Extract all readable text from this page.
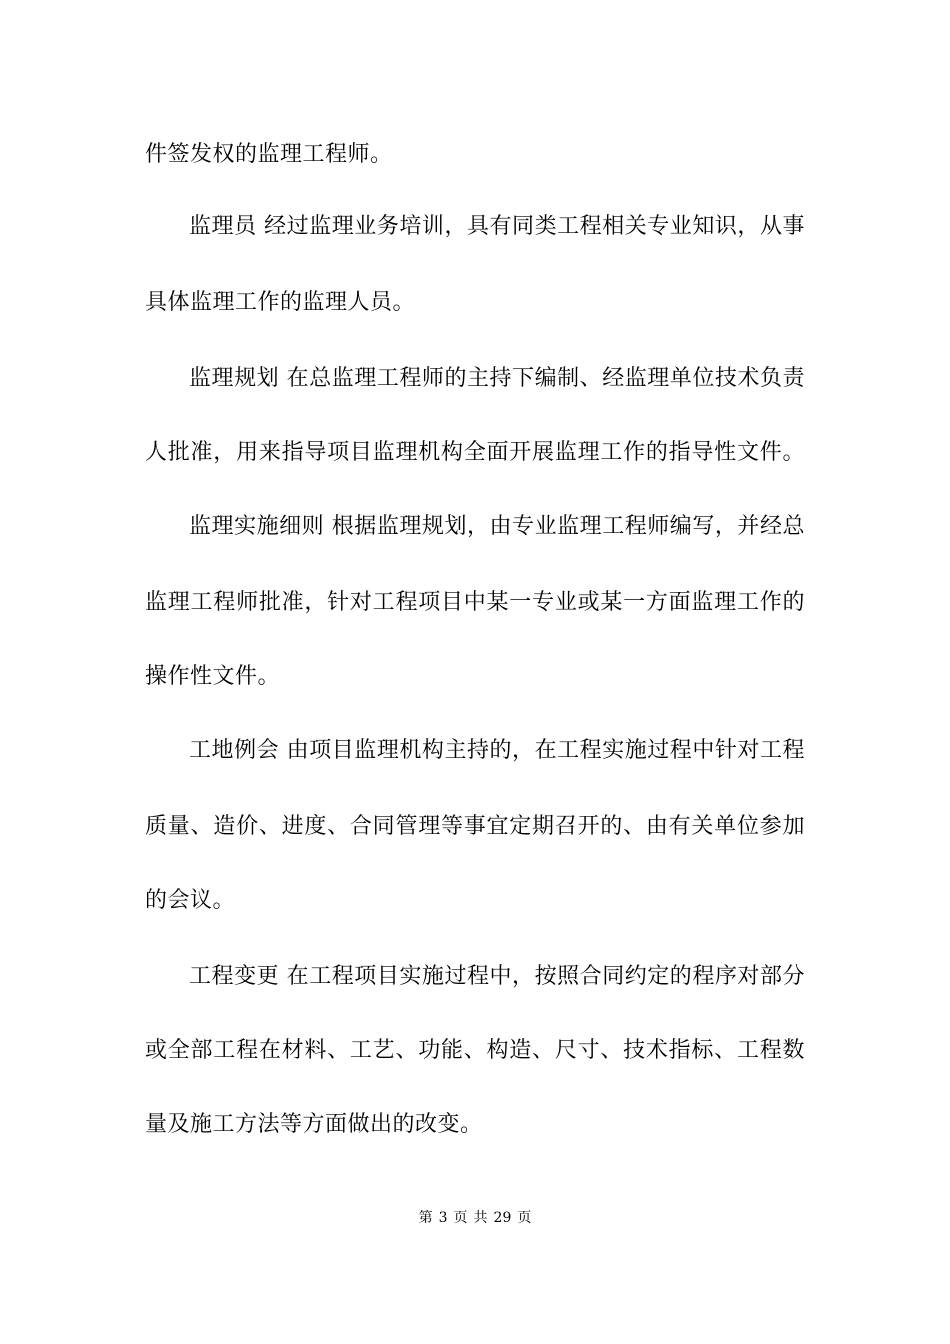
件签发权的监理工程师。
监理员 经过监理业务培训，具有同类工程相关专业知识，从事
具体监理工作的监理人员。
监理规划 在总监理工程师的主持下编制、经监理单位技术负责
人批准，用来指导项目监理机构全面开展监理工作的指导性文件。
监理实施细则 根据监理规划，由专业监理工程师编写，并经总
监理工程师批准，针对工程项目中某一专业或某一方面监理工作的
操作性文件。
工地例会 由项目监理机构主持的，在工程实施过程中针对工程
质量、造价、进度、合同管理等事宜定期召开的、由有关单位参加
的会议。
工程变更 在工程项目实施过程中，按照合同约定的程序对部分
或全部工程在材料、工艺、功能、构造、尺寸、技术指标、工程数
量及施工方法等方面做出的改变。
第 3 页 共 29 页
